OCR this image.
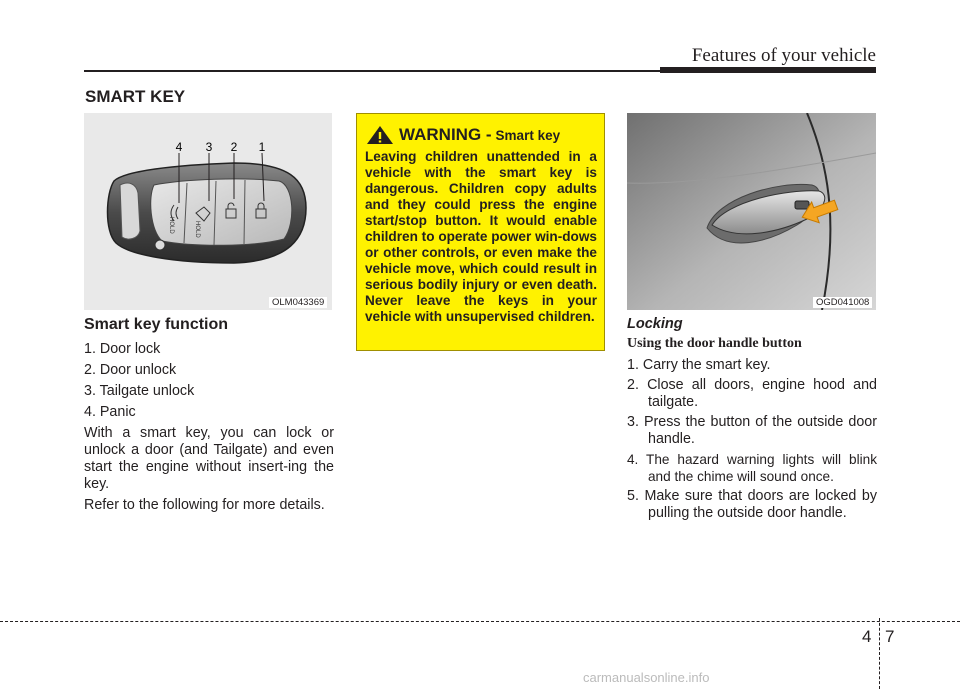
Features of your vehicle
SMART KEY
4 3 2 1
HOLD	HOLD
OLM043369
Smart key function

1. Door lock

2. Door unlock

3. Tailgate unlock

4. Panic

With a smart key, you can lock or unlock a door (and Tailgate) and even start the engine without insert-ing the key.

Refer to the following for more details.

WARNING - Smart key
Leaving children unattended in a vehicle with the smart key is dangerous. Children copy adults and they could press the engine start/stop button. It would enable children to operate power win-dows or other controls, or even make the vehicle move, which could result in serious bodily injury or even death. Never leave the keys in your vehicle with unsupervised children.
OGD041008
Locking
Using the door handle button

1. Carry the smart key.

2. Close all doors, engine hood and tailgate.

3. Press the button of the outside door handle.

4. The hazard warning lights will blink and the chime will sound once.

5. Make sure that doors are locked by pulling the outside door handle.

4 7
carmanualsonline.info
